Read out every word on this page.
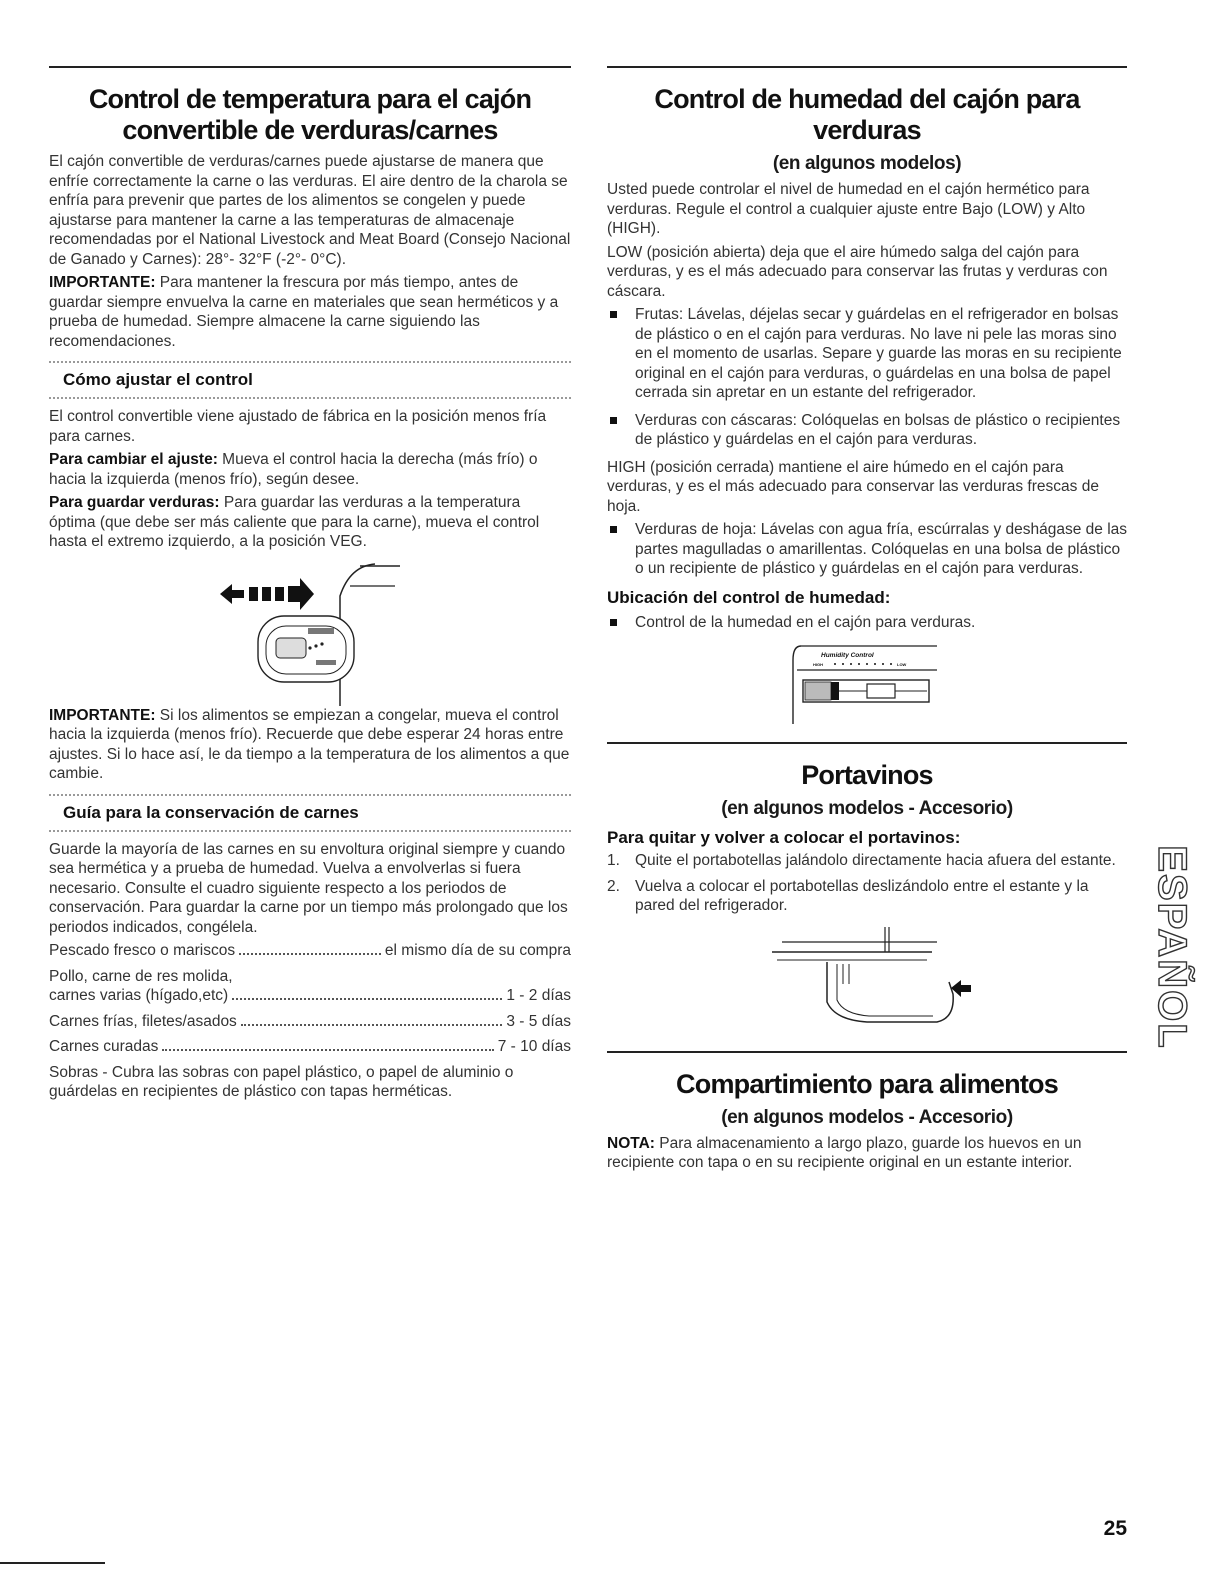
Control de temperatura para el cajón convertible de verduras/carnes

El cajón convertible de verduras/carnes puede ajustarse de manera que enfríe correctamente la carne o las verduras. El aire dentro de la charola se enfría para prevenir que partes de los alimentos se congelen y puede ajustarse para mantener la carne a las temperaturas de almacenaje recomendadas por el National Livestock and Meat Board (Consejo Nacional de Ganado y Carnes): 28°- 32°F (-2°- 0°C).

IMPORTANTE: Para mantener la frescura por más tiempo, antes de guardar siempre envuelva la carne en materiales que sean herméticos y a prueba de humedad. Siempre almacene la carne siguiendo las recomendaciones.

Cómo ajustar el control

El control convertible viene ajustado de fábrica en la posición menos fría para carnes.

Para cambiar el ajuste: Mueva el control hacia la derecha (más frío) o hacia la izquierda (menos frío), según desee.

Para guardar verduras: Para guardar las verduras a la temperatura óptima (que debe ser más caliente que para la carne), mueva el control hasta el extremo izquierdo, a la posición VEG.

IMPORTANTE: Si los alimentos se empiezan a congelar, mueva el control hacia la izquierda (menos frío). Recuerde que debe esperar 24 horas entre ajustes. Si lo hace así, le da tiempo a la temperatura de los alimentos a que cambie.

Guía para la conservación de carnes

Guarde la mayoría de las carnes en su envoltura original siempre y cuando sea hermética y a prueba de humedad. Vuelva a envolverlas si fuera necesario. Consulte el cuadro siguiente respecto a los periodos de conservación. Para guardar la carne por un tiempo más prolongado que los periodos indicados, congélela.

Pescado fresco o mariscos	el mismo día de su compra

Pollo, carne de res molida,

carnes varias (hígado,etc)	1 - 2 días
Carnes frías, filetes/asados	3 - 5 días
Carnes curadas	7 - 10 días

Sobras - Cubra las sobras con papel plástico, o papel de aluminio o guárdelas en recipientes de plástico con tapas herméticas.

Control de humedad del cajón para verduras
(en algunos modelos)

Usted puede controlar el nivel de humedad en el cajón hermético para verduras. Regule el control a cualquier ajuste entre Bajo (LOW) y Alto (HIGH).

LOW (posición abierta) deja que el aire húmedo salga del cajón para verduras, y es el más adecuado para conservar las frutas y verduras con cáscara.

Frutas: Lávelas, déjelas secar y guárdelas en el refrigerador en bolsas de plástico o en el cajón para verduras. No lave ni pele las moras sino en el momento de usarlas. Separe y guarde las moras en su recipiente original en el cajón para verduras, o guárdelas en una bolsa de papel cerrada sin apretar en un estante del refrigerador.
Verduras con cáscaras: Colóquelas en bolsas de plástico o recipientes de plástico y guárdelas en el cajón para verduras.

HIGH (posición cerrada) mantiene el aire húmedo en el cajón para verduras, y es el más adecuado para conservar las verduras frescas de hoja.

Verduras de hoja: Lávelas con agua fría, escúrralas y deshágase de las partes magulladas o amarillentas. Colóquelas en una bolsa de plástico o un recipiente de plástico y guárdelas en el cajón para verduras.
Ubicación del control de humedad:
Control de la humedad en el cajón para verduras.
Humidity Control
HIGH	LOW
Portavinos
(en algunos modelos - Accesorio)
Para quitar y volver a colocar el portavinos:
1. Quite el portabotellas jalándolo directamente hacia afuera del estante.
2. Vuelva a colocar el portabotellas deslizándolo entre el estante y la pared del refrigerador.
Compartimiento para alimentos
(en algunos modelos - Accesorio)

NOTA: Para almacenamiento a largo plazo, guarde los huevos en un recipiente con tapa o en su recipiente original en un estante interior.

ESPAÑOL
25
